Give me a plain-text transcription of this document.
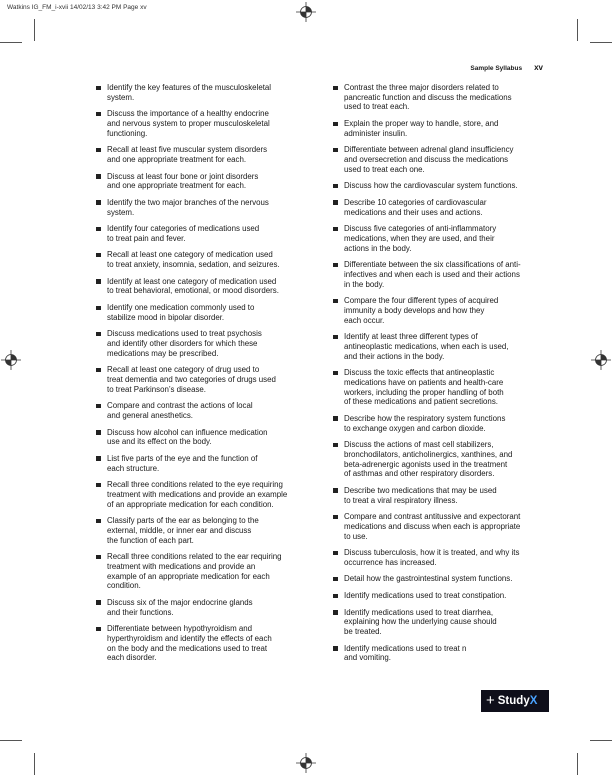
Watkins IG_FM_i-xvii 14/02/13 3:42 PM Page xv
Sample Syllabus xv
Identify the key features of the musculoskeletal
system.
Discuss the importance of a healthy endocrine
and nervous system to proper musculoskeletal
functioning.
Recall at least five muscular system disorders
and one appropriate treatment for each.
Discuss at least four bone or joint disorders
and one appropriate treatment for each.
Identify the two major branches of the nervous
system.
Identify four categories of medications used
to treat pain and fever.
Recall at least one category of medication used
to treat anxiety, insomnia, sedation, and seizures.
Identify at least one category of medication used
to treat behavioral, emotional, or mood disorders.
Identify one medication commonly used to
stabilize mood in bipolar disorder.
Discuss medications used to treat psychosis
and identify other disorders for which these
medications may be prescribed.
Recall at least one category of drug used to
treat dementia and two categories of drugs used
to treat Parkinson’s disease.
Compare and contrast the actions of local
and general anesthetics.
Discuss how alcohol can influence medication
use and its effect on the body.
List five parts of the eye and the function of
each structure.
Recall three conditions related to the eye requiring
treatment with medications and provide an example
of an appropriate medication for each condition.
Classify parts of the ear as belonging to the
external, middle, or inner ear and discuss
the function of each part.
Recall three conditions related to the ear requiring
treatment with medications and provide an
example of an appropriate medication for each
condition.
Discuss six of the major endocrine glands
and their functions.
Differentiate between hypothyroidism and
hyperthyroidism and identify the effects of each
on the body and the medications used to treat
each disorder.
Contrast the three major disorders related to
pancreatic function and discuss the medications
used to treat each.
Explain the proper way to handle, store, and
administer insulin.
Differentiate between adrenal gland insufficiency
and oversecretion and discuss the medications
used to treat each one.
Discuss how the cardiovascular system functions.
Describe 10 categories of cardiovascular
medications and their uses and actions.
Discuss five categories of anti-inflammatory
medications, when they are used, and their
actions in the body.
Differentiate between the six classifications of anti-
infectives and when each is used and their actions
in the body.
Compare the four different types of acquired
immunity a body develops and how they
each occur.
Identify at least three different types of
antineoplastic medications, when each is used,
and their actions in the body.
Discuss the toxic effects that antineoplastic
medications have on patients and health-care
workers, including the proper handling of both
of these medications and patient secretions.
Describe how the respiratory system functions
to exchange oxygen and carbon dioxide.
Discuss the actions of mast cell stabilizers,
bronchodilators, anticholinergics, xanthines, and
beta-adrenergic agonists used in the treatment
of asthmas and other respiratory disorders.
Describe two medications that may be used
to treat a viral respiratory illness.
Compare and contrast antitussive and expectorant
medications and discuss when each is appropriate
to use.
Discuss tuberculosis, how it is treated, and why its
occurrence has increased.
Detail how the gastrointestinal system functions.
Identify medications used to treat constipation.
Identify medications used to treat diarrhea,
explaining how the underlying cause should
be treated.
Identify medications used to treat n
and vomiting.
+ StudyX
